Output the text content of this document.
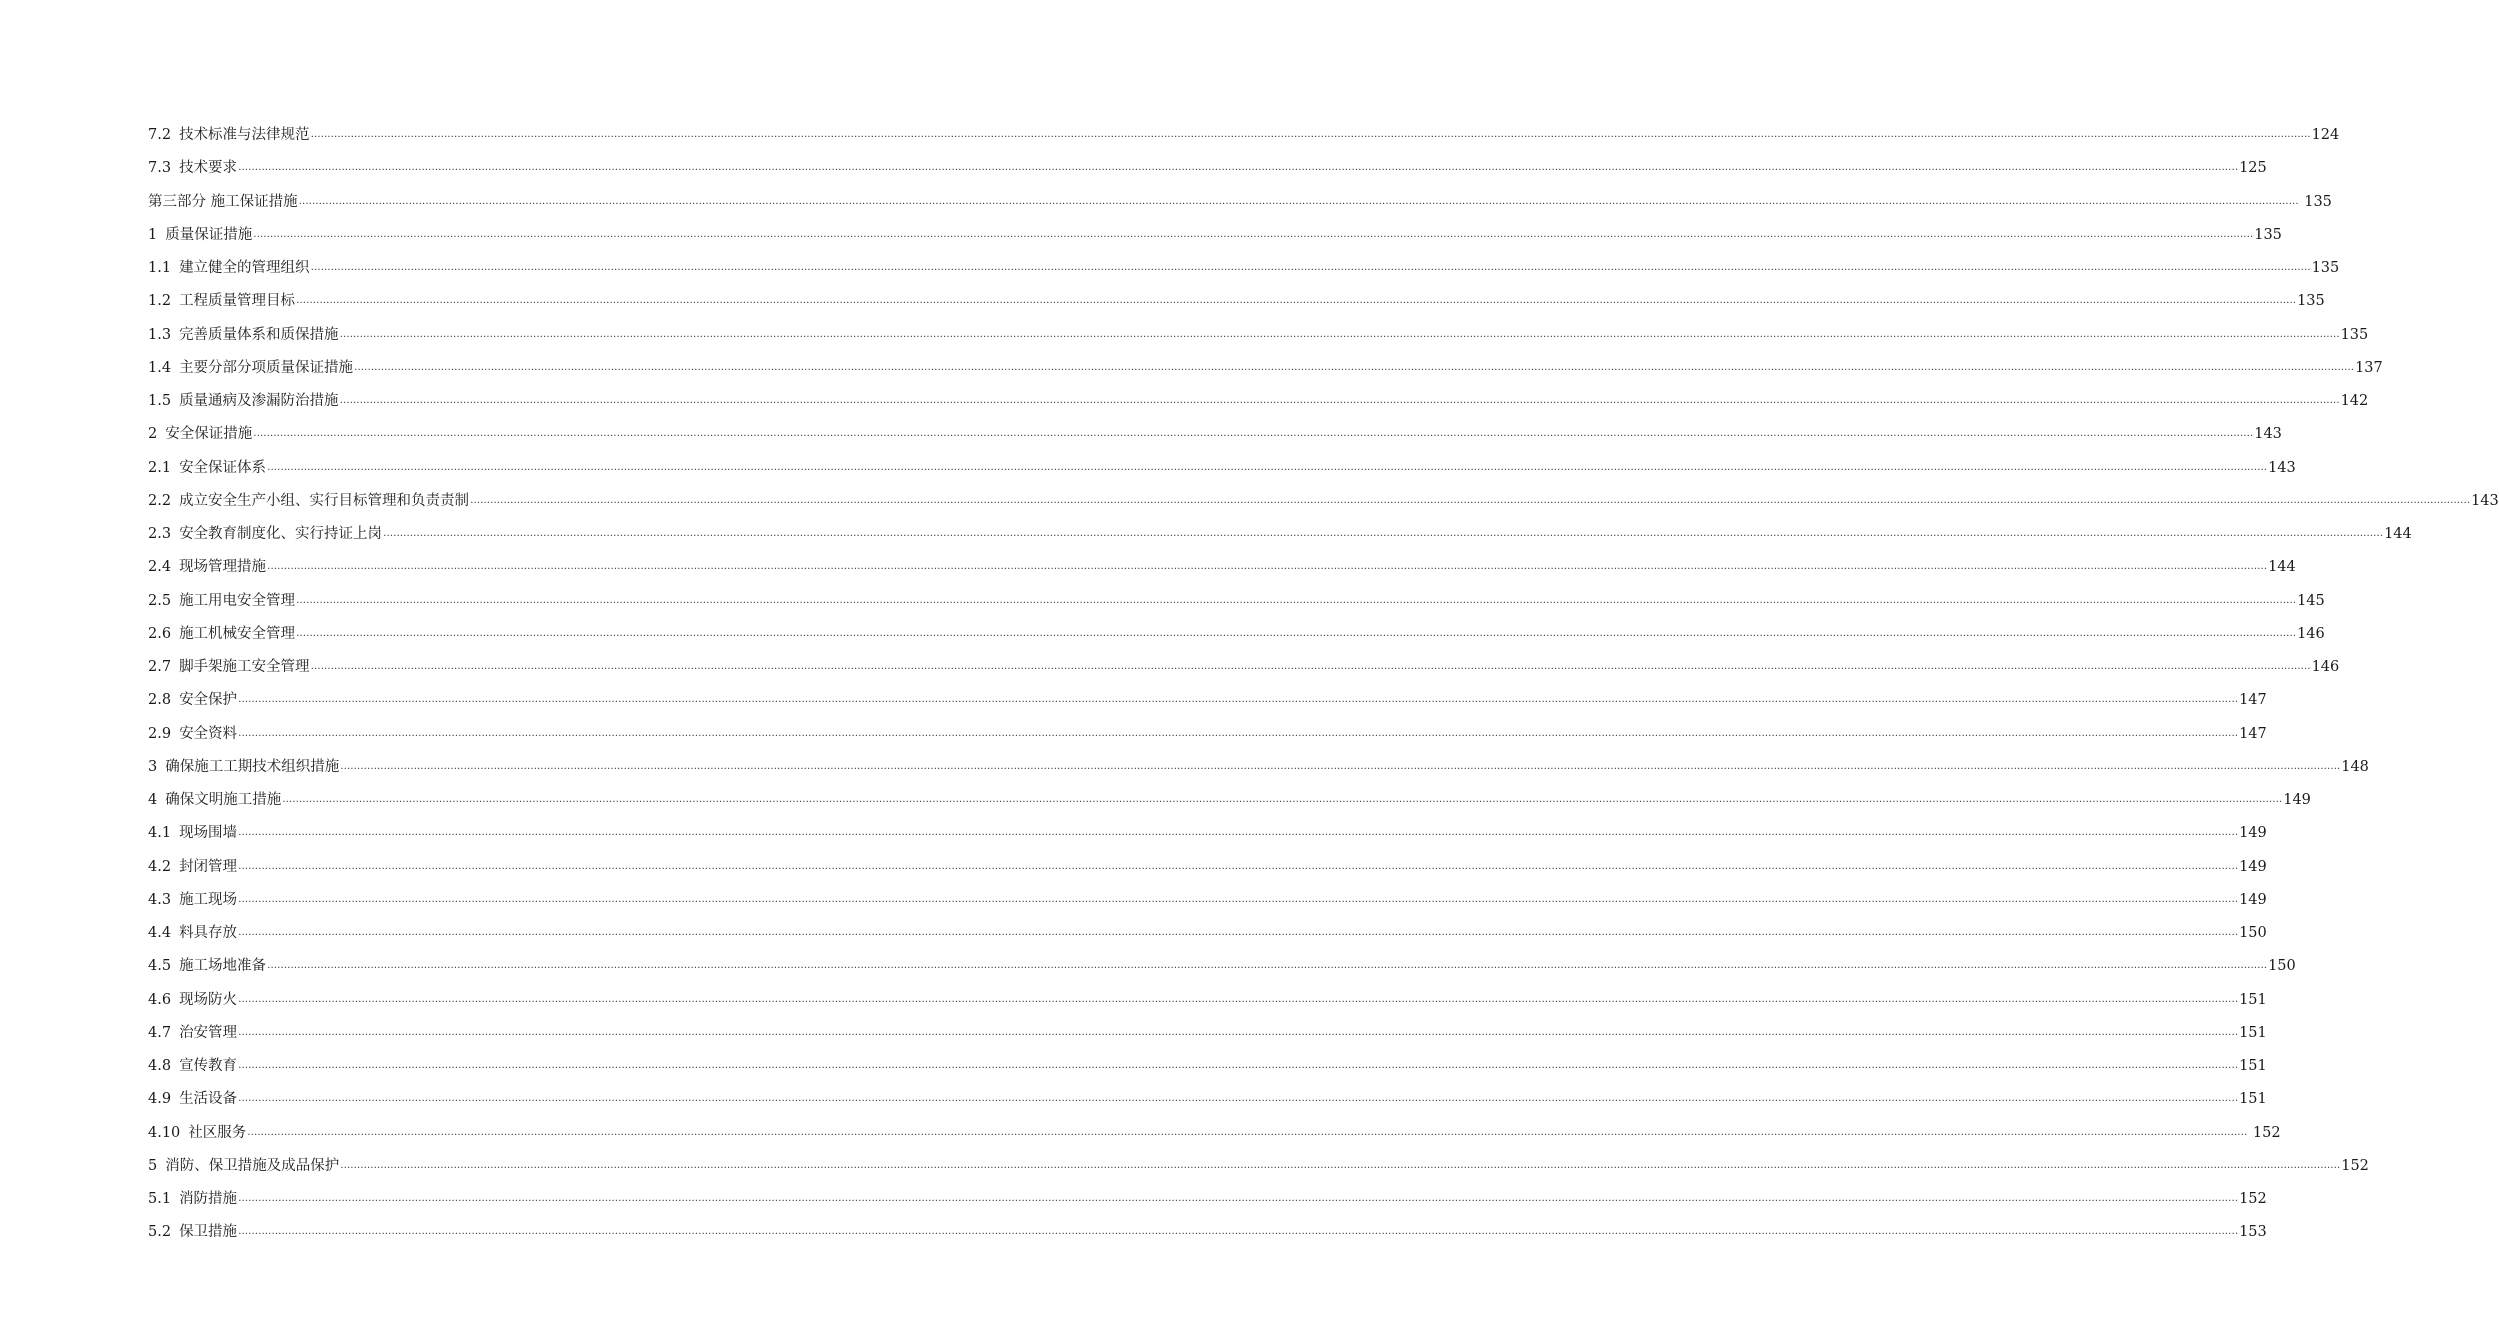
7.2 技术标准与法律规范 …………………………………………………………………………………………………………………………………………………………………………………………………………………………………………………………………………………………………………………………………………………………………………………………………………………………………………………………………………………………………………………………………………………… 124
7.3 技术要求 …………………………………………………………………………………………………………………………………………………………………………………………………………………………………………………………………………………………………………………………………………………………………………………………………………………………………………………………………………………………………………………………………………………… 125
第三部分 施工保证措施 …………………………………………………………………………………………………………………………………………………………………………………………………………………………………………………………………………………………………………………………………………………………………………………………………………………………………………………………………………………………………………………………………………………… 135
1 质量保证措施 …………………………………………………………………………………………………………………………………………………………………………………………………………………………………………………………………………………………………………………………………………………………………………………………………………………………………………………………………………………………………………………………………………………… 135
1.1 建立健全的管理组织 …………………………………………………………………………………………………………………………………………………………………………………………………………………………………………………………………………………………………………………………………………………………………………………………………………………………………………………………………………………………………………………………………………………… 135
1.2 工程质量管理目标 …………………………………………………………………………………………………………………………………………………………………………………………………………………………………………………………………………………………………………………………………………………………………………………………………………………………………………………………………………………………………………………………………………………… 135
1.3 完善质量体系和质保措施 …………………………………………………………………………………………………………………………………………………………………………………………………………………………………………………………………………………………………………………………………………………………………………………………………………………………………………………………………………………………………………………………………………………… 135
1.4 主要分部分项质量保证措施 …………………………………………………………………………………………………………………………………………………………………………………………………………………………………………………………………………………………………………………………………………………………………………………………………………………………………………………………………………………………………………………………………………………… 137
1.5 质量通病及渗漏防治措施 …………………………………………………………………………………………………………………………………………………………………………………………………………………………………………………………………………………………………………………………………………………………………………………………………………………………………………………………………………………………………………………………………………………… 142
2 安全保证措施 …………………………………………………………………………………………………………………………………………………………………………………………………………………………………………………………………………………………………………………………………………………………………………………………………………………………………………………………………………………………………………………………………………………… 143
2.1 安全保证体系 …………………………………………………………………………………………………………………………………………………………………………………………………………………………………………………………………………………………………………………………………………………………………………………………………………………………………………………………………………………………………………………………………………………… 143
2.2 成立安全生产小组、实行目标管理和负责责制 …………………………………………………………………………………………………………………………………………………………………………………………………………………………………………………………………………………………………………………………………………………………………………………………………………………………………………………………………………………………………………………………………………………… 143
2.3 安全教育制度化、实行持证上岗 …………………………………………………………………………………………………………………………………………………………………………………………………………………………………………………………………………………………………………………………………………………………………………………………………………………………………………………………………………………………………………………………………………………… 144
2.4 现场管理措施 …………………………………………………………………………………………………………………………………………………………………………………………………………………………………………………………………………………………………………………………………………………………………………………………………………………………………………………………………………………………………………………………………………………… 144
2.5 施工用电安全管理 …………………………………………………………………………………………………………………………………………………………………………………………………………………………………………………………………………………………………………………………………………………………………………………………………………………………………………………………………………………………………………………………………………………… 145
2.6 施工机械安全管理 …………………………………………………………………………………………………………………………………………………………………………………………………………………………………………………………………………………………………………………………………………………………………………………………………………………………………………………………………………………………………………………………………………………… 146
2.7 脚手架施工安全管理 …………………………………………………………………………………………………………………………………………………………………………………………………………………………………………………………………………………………………………………………………………………………………………………………………………………………………………………………………………………………………………………………………………………… 146
2.8 安全保护 …………………………………………………………………………………………………………………………………………………………………………………………………………………………………………………………………………………………………………………………………………………………………………………………………………………………………………………………………………………………………………………………………………………… 147
2.9 安全资料 …………………………………………………………………………………………………………………………………………………………………………………………………………………………………………………………………………………………………………………………………………………………………………………………………………………………………………………………………………………………………………………………………………………… 147
3 确保施工工期技术组织措施 …………………………………………………………………………………………………………………………………………………………………………………………………………………………………………………………………………………………………………………………………………………………………………………………………………………………………………………………………………………………………………………………………………………… 148
4 确保文明施工措施 …………………………………………………………………………………………………………………………………………………………………………………………………………………………………………………………………………………………………………………………………………………………………………………………………………………………………………………………………………………………………………………………………………………… 149
4.1 现场围墙 …………………………………………………………………………………………………………………………………………………………………………………………………………………………………………………………………………………………………………………………………………………………………………………………………………………………………………………………………………………………………………………………………………………… 149
4.2 封闭管理 …………………………………………………………………………………………………………………………………………………………………………………………………………………………………………………………………………………………………………………………………………………………………………………………………………………………………………………………………………………………………………………………………………………… 149
4.3 施工现场 …………………………………………………………………………………………………………………………………………………………………………………………………………………………………………………………………………………………………………………………………………………………………………………………………………………………………………………………………………………………………………………………………………………… 149
4.4 料具存放 …………………………………………………………………………………………………………………………………………………………………………………………………………………………………………………………………………………………………………………………………………………………………………………………………………………………………………………………………………………………………………………………………………………… 150
4.5 施工场地准备 …………………………………………………………………………………………………………………………………………………………………………………………………………………………………………………………………………………………………………………………………………………………………………………………………………………………………………………………………………………………………………………………………………………… 150
4.6 现场防火 …………………………………………………………………………………………………………………………………………………………………………………………………………………………………………………………………………………………………………………………………………………………………………………………………………………………………………………………………………………………………………………………………………………… 151
4.7 治安管理 …………………………………………………………………………………………………………………………………………………………………………………………………………………………………………………………………………………………………………………………………………………………………………………………………………………………………………………………………………………………………………………………………………………… 151
4.8 宣传教育 …………………………………………………………………………………………………………………………………………………………………………………………………………………………………………………………………………………………………………………………………………………………………………………………………………………………………………………………………………………………………………………………………………………… 151
4.9 生活设备 …………………………………………………………………………………………………………………………………………………………………………………………………………………………………………………………………………………………………………………………………………………………………………………………………………………………………………………………………………………………………………………………………………………… 151
4.10 社区服务 …………………………………………………………………………………………………………………………………………………………………………………………………………………………………………………………………………………………………………………………………………………………………………………………………………………………………………………………………………………………………………………………………………………… 152
5 消防、保卫措施及成品保护 …………………………………………………………………………………………………………………………………………………………………………………………………………………………………………………………………………………………………………………………………………………………………………………………………………………………………………………………………………………………………………………………………………………… 152
5.1 消防措施 …………………………………………………………………………………………………………………………………………………………………………………………………………………………………………………………………………………………………………………………………………………………………………………………………………………………………………………………………………………………………………………………………………………… 152
5.2 保卫措施 …………………………………………………………………………………………………………………………………………………………………………………………………………………………………………………………………………………………………………………………………………………………………………………………………………………………………………………………………………………………………………………………………………………… 153
